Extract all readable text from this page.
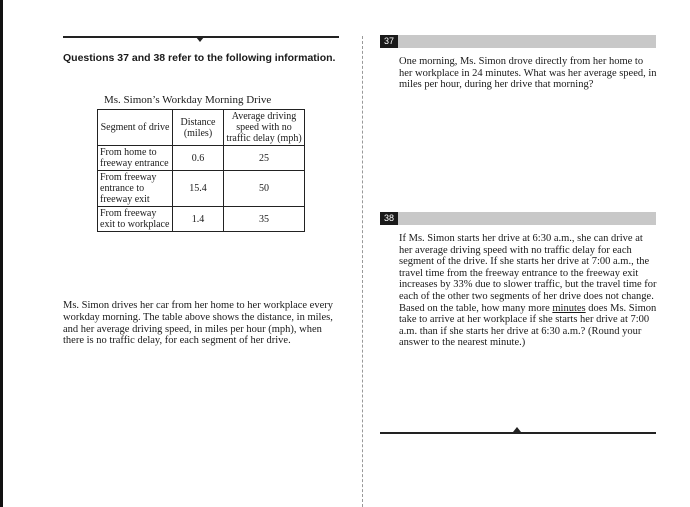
Questions 37 and 38 refer to the following information.
Ms. Simon’s Workday Morning Drive
Segment of drive	Distance (miles)	Average driving speed with no traffic delay (mph)
From home to freeway entrance	0.6	25
From freeway entrance to freeway exit	15.4	50
From freeway exit to workplace	1.4	35
Ms. Simon drives her car from her home to her workplace every workday morning. The table above shows the distance, in miles, and her average driving speed, in miles per hour (mph), when there is no traffic delay, for each segment of her drive.
37
One morning, Ms. Simon drove directly from her home to her workplace in 24 minutes. What was her average speed, in miles per hour, during her drive that morning?
38
If Ms. Simon starts her drive at 6:30 a.m., she can drive at her average driving speed with no traffic delay for each segment of the drive. If she starts her drive at 7:00 a.m., the travel time from the freeway entrance to the freeway exit increases by 33% due to slower traffic, but the travel time for each of the other two segments of her drive does not change. Based on the table, how many more minutes does Ms. Simon take to arrive at her workplace if she starts her drive at 7:00 a.m. than if she starts her drive at 6:30 a.m.? (Round your answer to the nearest minute.)
